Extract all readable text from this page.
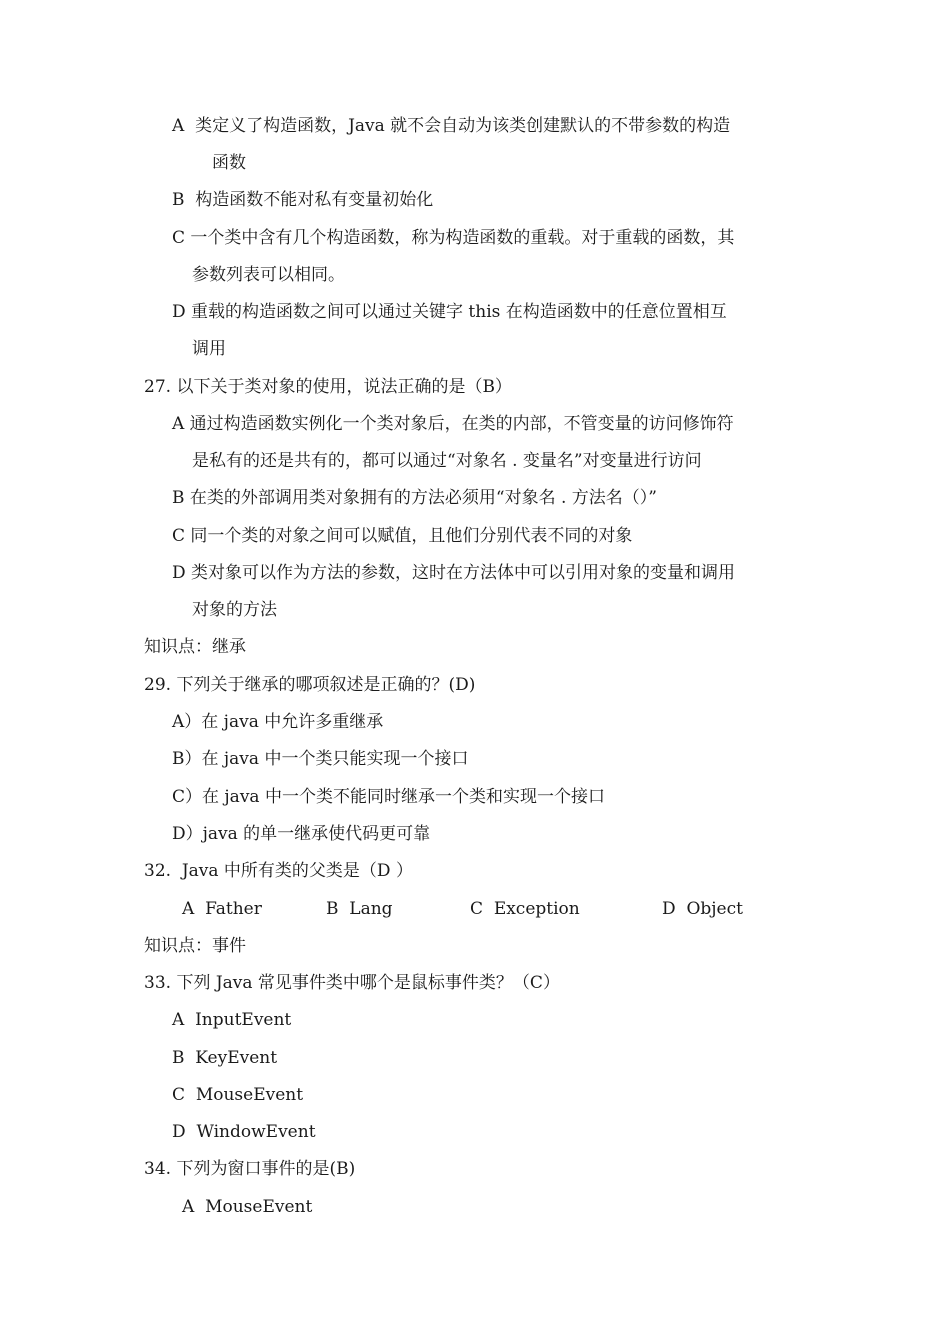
A  类定义了构造函数，Java 就不会自动为该类创建默认的不带参数的构造
函数
B  构造函数不能对私有变量初始化
C 一个类中含有几个构造函数，称为构造函数的重载。对于重载的函数，其
参数列表可以相同。
D 重载的构造函数之间可以通过关键字 this 在构造函数中的任意位置相互
调用
27. 以下关于类对象的使用，说法正确的是（B）
A 通过构造函数实例化一个类对象后，在类的内部，不管变量的访问修饰符
是私有的还是共有的，都可以通过“对象名 . 变量名”对变量进行访问
B 在类的外部调用类对象拥有的方法必须用“对象名 . 方法名（）”
C 同一个类的对象之间可以赋值，且他们分别代表不同的对象
D 类对象可以作为方法的参数，这时在方法体中可以引用对象的变量和调用
对象的方法
知识点：继承
29. 下列关于继承的哪项叙述是正确的？(D)
A）在 java 中允许多重继承
B）在 java 中一个类只能实现一个接口
C）在 java 中一个类不能同时继承一个类和实现一个接口
D）java 的单一继承使代码更可靠
32.  Java 中所有类的父类是（D ）

A  Father

	B  Lang

	C  Exception

	D  Object

知识点：事件
33. 下列 Java 常见事件类中哪个是鼠标事件类？（C）
A  InputEvent
B  KeyEvent
C  MouseEvent
D  WindowEvent
34. 下列为窗口事件的是(B)
A  MouseEvent
